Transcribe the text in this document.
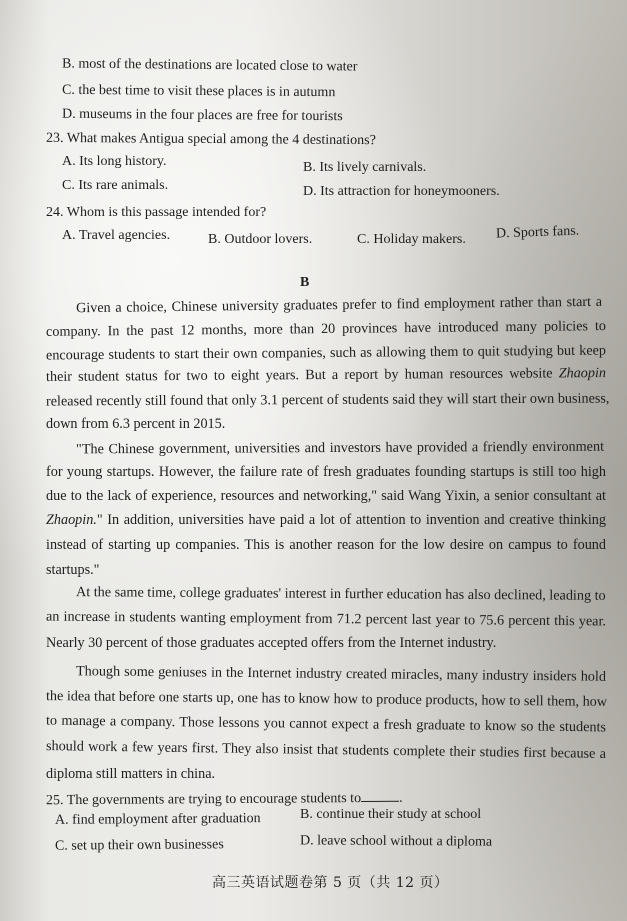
B. most of the destinations are located close to water
C. the best time to visit these places is in autumn
D. museums in the four places are free for tourists
23. What makes Antigua special among the 4 destinations?
A. Its long history.	B. Its lively carnivals.
C. Its rare animals.	D. Its attraction for honeymooners.
24. Whom is this passage intended for?
A. Travel agencies.	B. Outdoor lovers.	C. Holiday makers. D. Sports fans.
B
Given a choice, Chinese university graduates prefer to find employment rather than start a
company. In the past 12 months, more than 20 provinces have introduced many policies to
encourage students to start their own companies, such as allowing them to quit studying but keep
their student status for two to eight years. But a report by human resources website Zhaopin
released recently still found that only 3.1 percent of students said they will start their own business,
down from 6.3 percent in 2015.
"The Chinese government, universities and investors have provided a friendly environment
for young startups. However, the failure rate of fresh graduates founding startups is still too high
due to the lack of experience, resources and networking," said Wang Yixin, a senior consultant at
Zhaopin." In addition, universities have paid a lot of attention to invention and creative thinking
instead of starting up companies. This is another reason for the low desire on campus to found
startups."
At the same time, college graduates' interest in further education has also declined, leading to
an increase in students wanting employment from 71.2 percent last year to 75.6 percent this year.
Nearly 30 percent of those graduates accepted offers from the Internet industry.
Though some geniuses in the Internet industry created miracles, many industry insiders hold
the idea that before one starts up, one has to know how to produce products, how to sell them, how
to manage a company. Those lessons you cannot expect a fresh graduate to know so the students
should work a few years first. They also insist that students complete their studies first because a
diploma still matters in china.
25. The governments are trying to encourage students to	.
A. find employment after graduation	B. continue their study at school
C. set up their own businesses	D. leave school without a diploma
高三英语试题卷第 5 页（共 12 页）
